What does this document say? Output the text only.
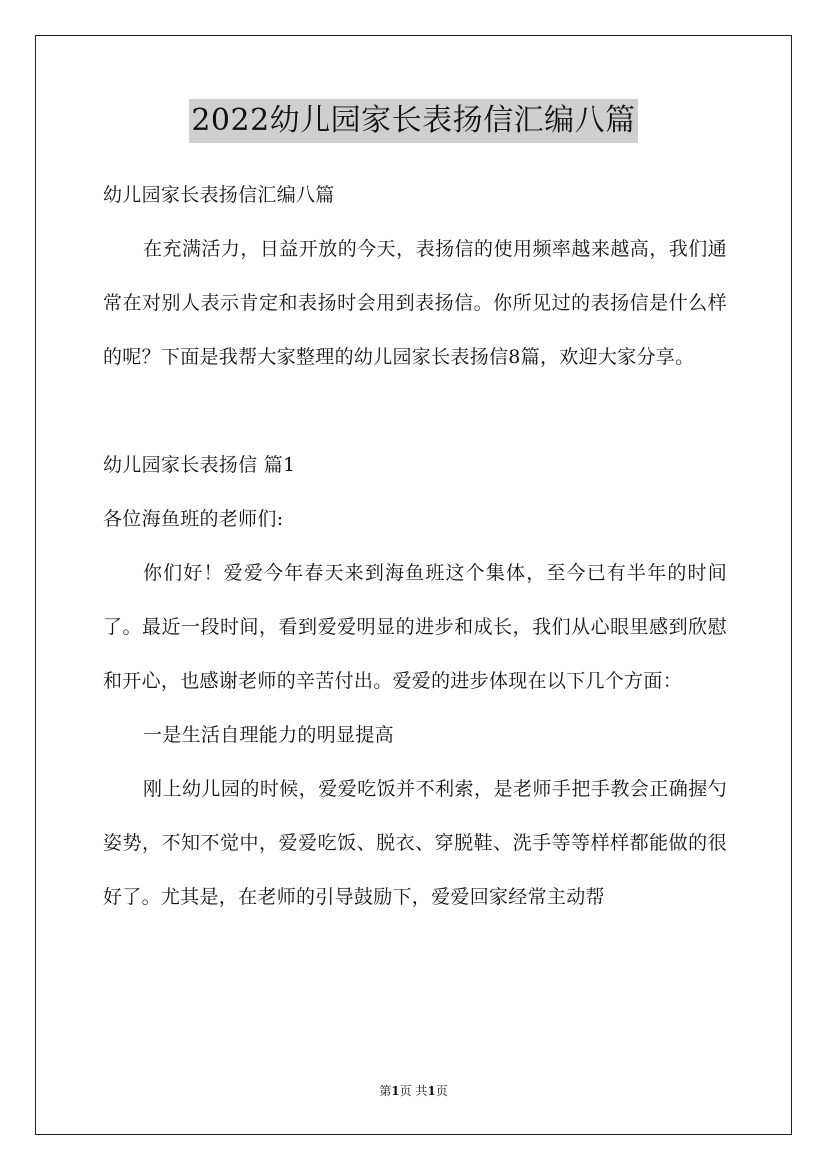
2022幼儿园家长表扬信汇编八篇
幼儿园家长表扬信汇编八篇

在充满活力，日益开放的今天，表扬信的使用频率越来越高，我们通常在对别人表示肯定和表扬时会用到表扬信。你所见过的表扬信是什么样的呢？下面是我帮大家整理的幼儿园家长表扬信8篇，欢迎大家分享。

幼儿园家长表扬信 篇1
各位海鱼班的老师们:

你们好！爱爱今年春天来到海鱼班这个集体，至今已有半年的时间了。最近一段时间，看到爱爱明显的进步和成长，我们从心眼里感到欣慰和开心，也感谢老师的辛苦付出。爱爱的进步体现在以下几个方面：

一是生活自理能力的明显提高

刚上幼儿园的时候，爱爱吃饭并不利索，是老师手把手教会正确握勺姿势，不知不觉中，爱爱吃饭、脱衣、穿脱鞋、洗手等等样样都能做的很好了。尤其是，在老师的引导鼓励下，爱爱回家经常主动帮

第1页 共1页
